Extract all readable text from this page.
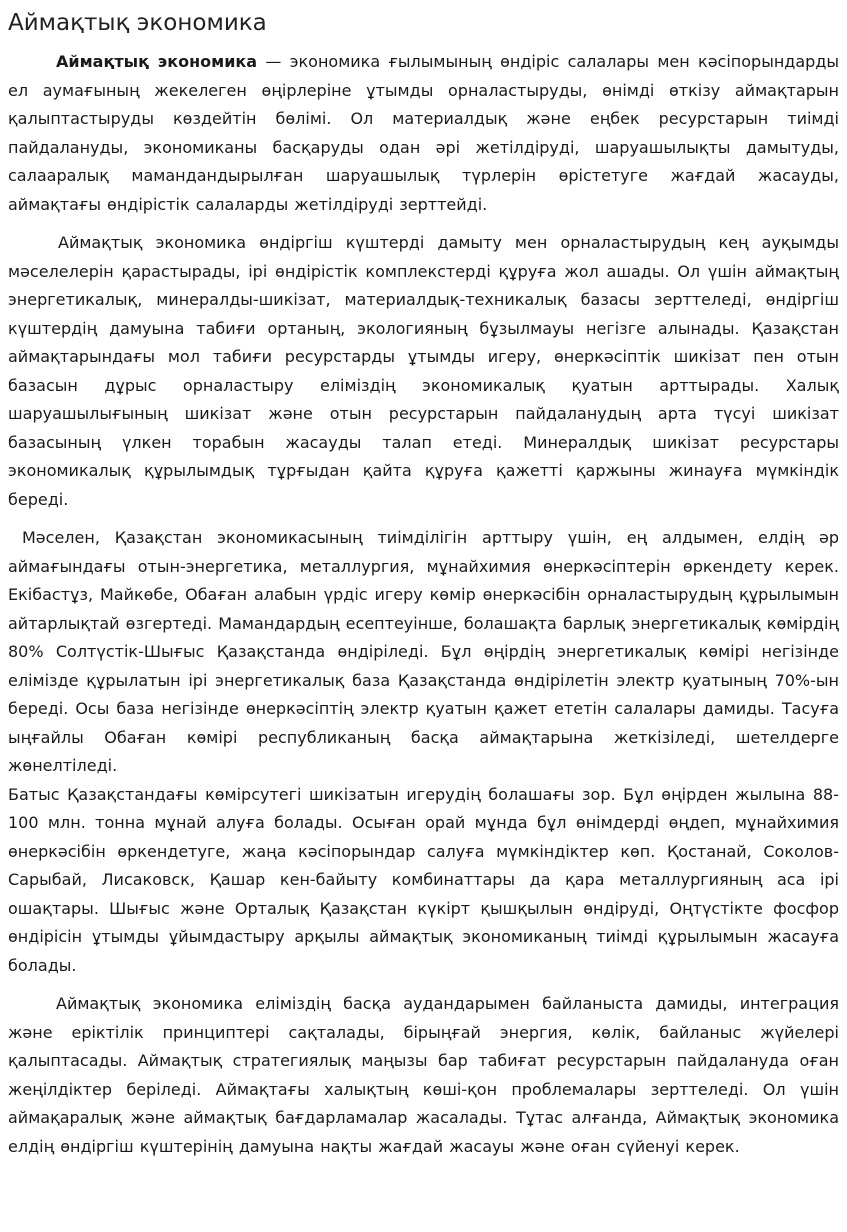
Аймақтық экономика

Аймақтық экономика — экономика ғылымының өндіріс салалары мен кәсіпорындарды ел аумағының жекелеген өңірлеріне ұтымды орналастыруды, өнімді өткізу аймақтарын қалыптастыруды көздейтін бөлімі. Ол материалдық және еңбек ресурстарын тиімді пайдалануды, экономиканы басқаруды одан әрі жетілдіруді, шаруашылықты дамытуды, салааралық мамандандырылған шаруашылық түрлерін өрістетуге жағдай жасауды, аймақтағы өндірістік салаларды жетілдіруді зерттейді.

Аймақтық экономика өндіргіш күштерді дамыту мен орналастырудың кең ауқымды мәселелерін қарастырады, ірі өндірістік комплекстерді құруға жол ашады. Ол үшін аймақтың энергетикалық, минералды-шикізат, материалдық-техникалық базасы зерттеледі, өндіргіш күштердің дамуына табиғи ортаның, экологияның бұзылмауы негізге алынады. Қазақстан аймақтарындағы мол табиғи ресурстарды ұтымды игеру, өнеркәсіптік шикізат пен отын базасын дұрыс орналастыру еліміздің экономикалық қуатын арттырады. Халық шаруашылығының шикізат және отын ресурстарын пайдаланудың арта түсуі шикізат базасының үлкен торабын жасауды талап етеді. Минералдық шикізат ресурстары экономикалық құрылымдық тұрғыдан қайта құруға қажетті қаржыны жинауға мүмкіндік береді.

Мәселен, Қазақстан экономикасының тиімділігін арттыру үшін, ең алдымен, елдің әр аймағындағы отын-энергетика, металлургия, мұнайхимия өнеркәсіптерін өркендету керек. Екібастұз, Майкөбе, Обаған алабын үрдіс игеру көмір өнеркәсібін орналастырудың құрылымын айтарлықтай өзгертеді. Мамандардың есептеуінше, болашақта барлық энергетикалық көмірдің 80% Солтүстік-Шығыс Қазақстанда өндіріледі. Бұл өңірдің энергетикалық көмірі негізінде елімізде құрылатын ірі энергетикалық база Қазақстанда өндірілетін электр қуатының 70%-ын береді. Осы база негізінде өнеркәсіптің электр қуатын қажет ететін салалары дамиды. Тасуға ыңғайлы Обаған көмірі республиканың басқа аймақтарына жеткізіледі, шетелдерге жөнелтіледі.

Батыс Қазақстандағы көмірсутегі шикізатын игерудің болашағы зор. Бұл өңірден жылына 88-100 млн. тонна мұнай алуға болады. Осыған орай мұнда бұл өнімдерді өңдеп, мұнайхимия өнеркәсібін өркендетуге, жаңа кәсіпорындар салуға мүмкіндіктер көп. Қостанай, Соколов-Сарыбай, Лисаковск, Қашар кен-байыту комбинаттары да қара металлургияның аса ірі ошақтары. Шығыс және Орталық Қазақстан күкірт қышқылын өндіруді, Оңтүстікте фосфор өндірісін ұтымды ұйымдастыру арқылы аймақтық экономиканың тиімді құрылымын жасауға болады.

Аймақтық экономика еліміздің басқа аудандарымен байланыста дамиды, интеграция және еріктілік принциптері сақталады, бірыңғай энергия, көлік, байланыс жүйелері қалыптасады. Аймақтық стратегиялық маңызы бар табиғат ресурстарын пайдалануда оған жеңілдіктер беріледі. Аймақтағы халықтың көші-қон проблемалары зерттеледі. Ол үшін аймақаралық және аймақтық бағдарламалар жасалады. Тұтас алғанда, Аймақтық экономика елдің өндіргіш күштерінің дамуына нақты жағдай жасауы және оған сүйенуі керек.
